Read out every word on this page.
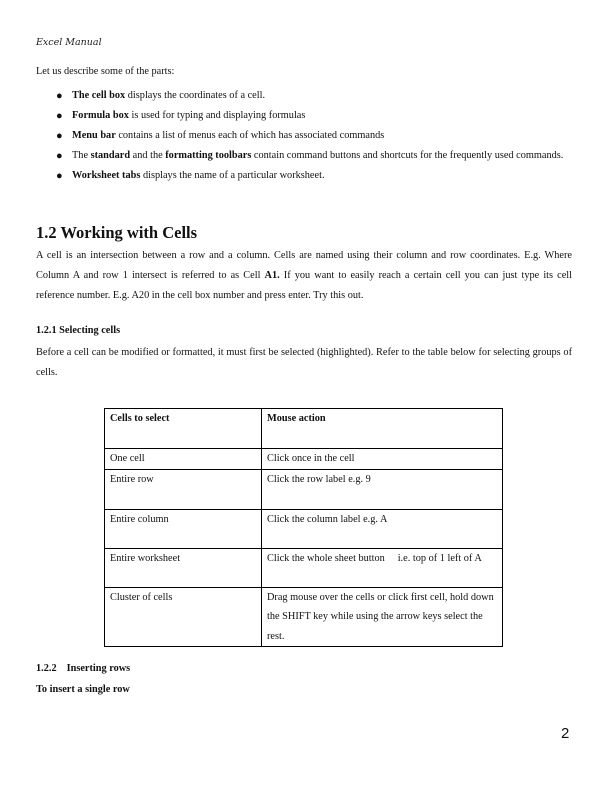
Excel Manual
Let us describe some of the parts:
● The cell box displays the coordinates of a cell.
● Formula box is used for typing and displaying formulas
● Menu bar contains a list of menus each of which has associated commands
● The standard and the formatting toolbars contain command buttons and shortcuts for the frequently used commands.
● Worksheet tabs displays the name of a particular worksheet.
1.2 Working with Cells
A cell is an intersection between a row and a column. Cells are named using their column and row coordinates. E.g. Where Column A and row 1 intersect is referred to as Cell A1. If you want to easily reach a certain cell you can just type its cell reference number. E.g. A20 in the cell box number and press enter. Try this out.
1.2.1 Selecting cells
Before a cell can be modified or formatted, it must first be selected (highlighted). Refer to the table below for selecting groups of cells.
Cells to select	Mouse action
One cell	Click once in the cell
Entire row	Click the row label e.g. 9
Entire column	Click the column label e.g. A
Entire worksheet	Click the whole sheet button     i.e. top of 1 left of A
Cluster of cells	Drag mouse over the cells or click first cell, hold down the SHIFT key while using the arrow keys select the rest.
1.2.2 Inserting rows
To insert a single row
2
